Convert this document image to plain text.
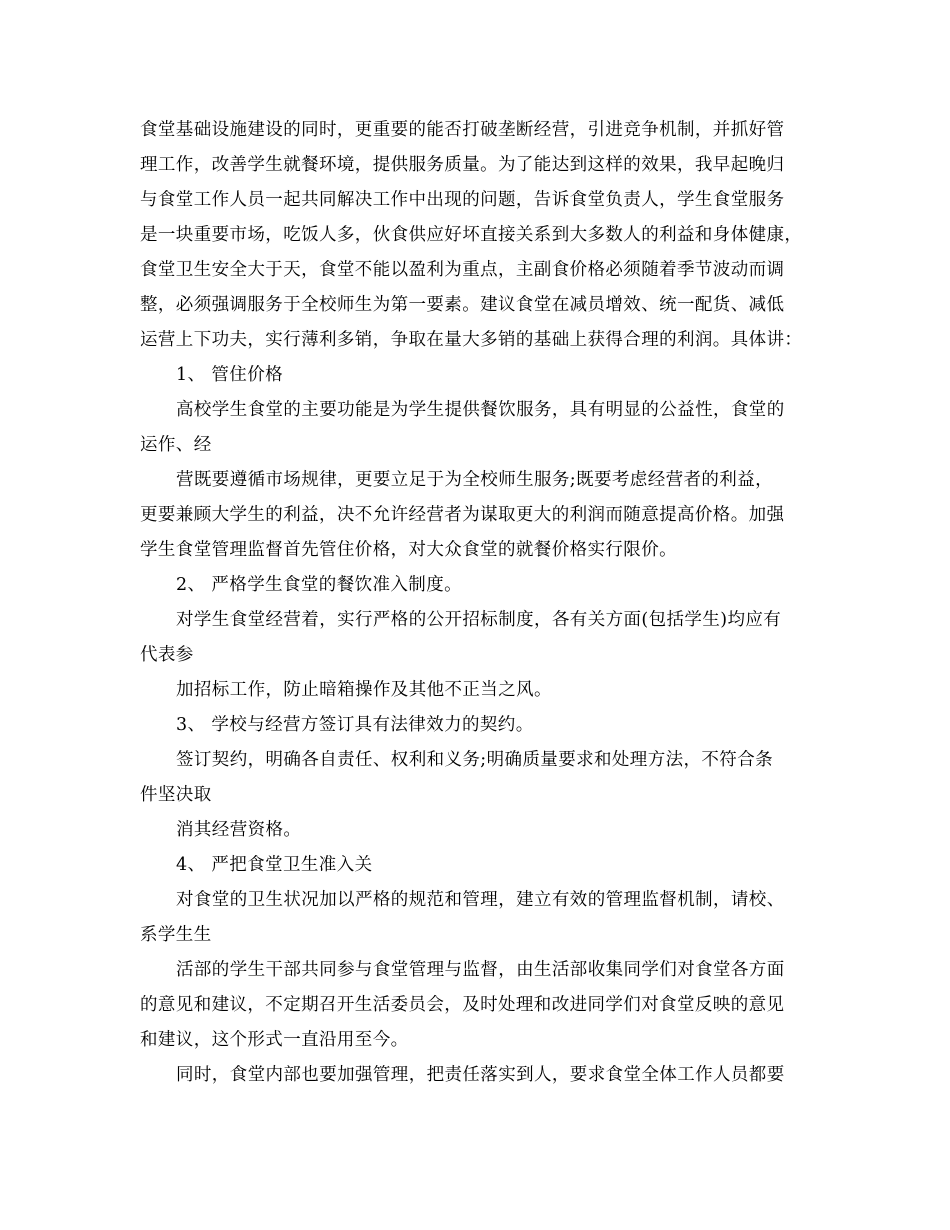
食堂基础设施建设的同时，更重要的能否打破垄断经营，引进竞争机制，并抓好管
理工作，改善学生就餐环境，提供服务质量。为了能达到这样的效果，我早起晚归
与食堂工作人员一起共同解决工作中出现的问题，告诉食堂负责人，学生食堂服务
是一块重要市场，吃饭人多，伙食供应好坏直接关系到大多数人的利益和身体健康，
食堂卫生安全大于天，食堂不能以盈利为重点，主副食价格必须随着季节波动而调
整，必须强调服务于全校师生为第一要素。建议食堂在减员增效、统一配货、减低
运营上下功夫，实行薄利多销，争取在量大多销的基础上获得合理的利润。具体讲：
1、 管住价格
高校学生食堂的主要功能是为学生提供餐饮服务，具有明显的公益性，食堂的
运作、经
营既要遵循市场规律，更要立足于为全校师生服务;既要考虑经营者的利益，
更要兼顾大学生的利益，决不允许经营者为谋取更大的利润而随意提高价格。加强
学生食堂管理监督首先管住价格，对大众食堂的就餐价格实行限价。
2、 严格学生食堂的餐饮准入制度。
对学生食堂经营着，实行严格的公开招标制度，各有关方面(包括学生)均应有
代表参
加招标工作，防止暗箱操作及其他不正当之风。
3、 学校与经营方签订具有法律效力的契约。
签订契约，明确各自责任、权利和义务;明确质量要求和处理方法，不符合条
件坚决取
消其经营资格。
4、 严把食堂卫生准入关
对食堂的卫生状况加以严格的规范和管理，建立有效的管理监督机制，请校、
系学生生
活部的学生干部共同参与食堂管理与监督，由生活部收集同学们对食堂各方面
的意见和建议，不定期召开生活委员会，及时处理和改进同学们对食堂反映的意见
和建议，这个形式一直沿用至今。
同时，食堂内部也要加强管理，把责任落实到人，要求食堂全体工作人员都要
